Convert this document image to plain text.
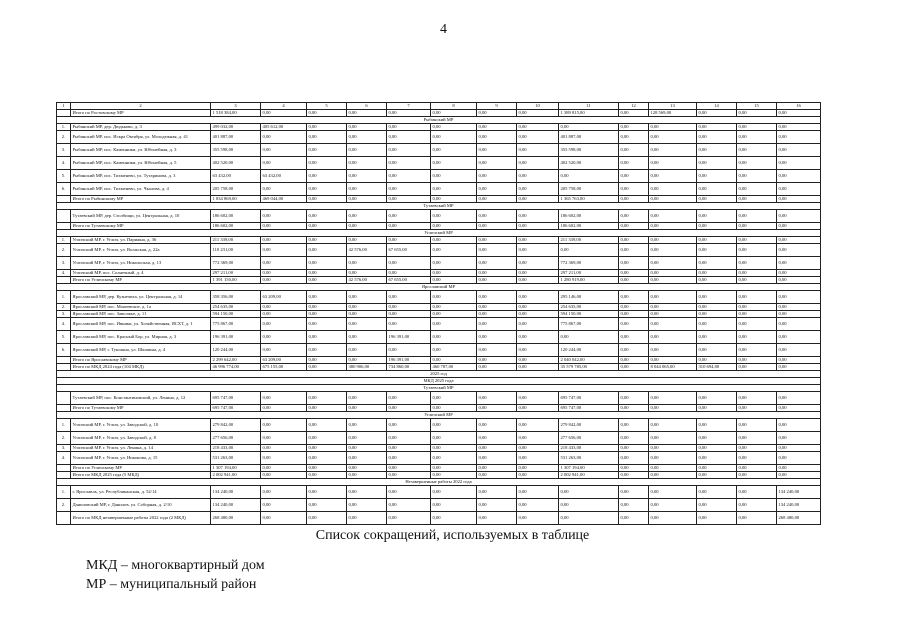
4
1	2	3	4	5	6	7	8	9	10	11	12	13	14	15	16
	Итого по Ростовскому МР	1 518 384,00	0,00	0,00	0,00	0,00	0,00	0,00	0,00	1 389 815,00	0,00	128 569,00	0,00	0,00	0,00
Рыбинский МР															
1.	Рыбинский МР, дер. Дюдьково, д. 3	499 032,00	405 612,00	0,00	0,00	0,00	0,00	0,00	0,00	0,00	0,00	0,00	0,00	0,00	0,00
2.	Рыбинский МР, пос. Искра Октября, ул. Молодежная, д. 41	401 887,00	0,00	0,00	0,00	0,00	0,00	0,00	0,00	401 887,00	0,00	0,00	0,00	0,00	0,00
3.	Рыбинский МР, пос. Каменники, ул. Юбилейная, д. 3	355 598,00	0,00	0,00	0,00	0,00	0,00	0,00	0,00	355 598,00	0,00	0,00	0,00	0,00	0,00
4.	Рыбинский МР, пос. Каменники, ул. Юбилейная, д. 5	402 520,00	0,00	0,00	0,00	0,00	0,00	0,00	0,00	402 520,00	0,00	0,00	0,00	0,00	0,00
5.	Рыбинский МР, пос. Тихменево, ул. Тутаринова, д. 3	63 432,00	63 432,00	0,00	0,00	0,00	0,00	0,00	0,00	0,00	0,00	0,00	0,00	0,00	0,00
6.	Рыбинский МР, пос. Тихменево, ул. Чкалова, д. 4	205 758,00	0,00	0,00	0,00	0,00	0,00	0,00	0,00	205 758,00	0,00	0,00	0,00	0,00	0,00
	Итого по Рыбинскому МР	1 834 869,00	469 044,00	0,00	0,00	0,00	0,00	0,00	0,00	1 365 763,00	0,00	0,00	0,00	0,00	0,00
Тутаевский МР															
	Тутаевский МР, дер. Столбищи, ул. Центральная, д. 10	186 602,00	0,00	0,00	0,00	0,00	0,00	0,00	0,00	186 602,00	0,00	0,00	0,00	0,00	0,00
	Итого по Тутаевскому МР	186 602,00	0,00	0,00	0,00	0,00	0,00	0,00	0,00	186 602,00	0,00	0,00	0,00	0,00	0,00
Угличский МР															
1.	Угличский МР, г. Углич, ул. Парижна, д. 36	211 339,00	0,00	0,00	0,00	0,00	0,00	0,00	0,00	211 339,00	0,00	0,00	0,00	0,00	0,00
2.	Угличский МР, г. Углич, ул. Волжская, д. 22а	110 231,00	0,00	0,00	42 576,00	67 655,00	0,00	0,00	0,00	0,00	0,00	0,00	0,00	0,00	0,00
3.	Угличский МР, г. Углич, ул. Никольская, д. 13	772 369,00	0,00	0,00	0,00	0,00	0,00	0,00	0,00	772 369,00	0,00	0,00	0,00	0,00	0,00
4.	Угличский МР, пос. Солнечный, д. 4	297 211,00	0,00	0,00	0,00	0,00	0,00	0,00	0,00	297 211,00	0,00	0,00	0,00	0,00	0,00
	Итого по Угличскому МР	1 391 150,00	0,00	0,00	42 576,00	67 655,00	0,00	0,00	0,00	1 280 919,00	0,00	0,00	0,00	0,00	0,00
Ярославский МР															
1.	Ярославский МР, дер. Кузнечиха, ул. Центральная, д. 14	358 356,00	63 209,00	0,00	0,00	0,00	0,00	0,00	0,00	295 146,00	0,00	0,00	0,00	0,00	0,00
2.	Ярославский МР, пос. Мокеевское, д. 1а	254 635,00	0,00	0,00	0,00	0,00	0,00	0,00	0,00	254 635,00	0,00	0,00	0,00	0,00	0,00
3.	Ярославский МР, пос. Заволжье, д. 11	594 150,00	0,00	0,00	0,00	0,00	0,00	0,00	0,00	594 150,00	0,00	0,00	0,00	0,00	0,00
4.	Ярославский МР, пос. Ивняки, ул. Хозяйственная, ЯСХТ, д. 1	775 867,00	0,00	0,00	0,00	0,00	0,00	0,00	0,00	775 867,00	0,00	0,00	0,00	0,00	0,00
5.	Ярославский МР, пос. Красный Бор, ул. Мирная, д. 3	196 391,00	0,00	0,00	0,00	196 391,00	0,00	0,00	0,00	0,00	0,00	0,00	0,00	0,00	0,00
6.	Ярославский МР, г. Туношна, ул. Шкапина, д. 4	120 244,00	0,00	0,00	0,00	0,00	0,00	0,00	0,00	120 244,00	0,00	0,00	0,00	0,00	0,00
	Итого по Ярославскому МР	2 299 642,00	63 209,00	0,00	0,00	196 391,00	0,00	0,00	0,00	2 040 042,00	0,00	0,00	0,00	0,00	0,00
	Итого по МКД 2024 года (104 МКД)	46 996 774,00	675 155,00	0,00	380 906,00	734 860,00	460 787,00	0,00	0,00	35 579 785,00	0,00	8 044 065,00	310 694,00	0,00	0,00
2025 год															
МКД 2025 года															
Тутаевский МР															
	Тутаевский МР, пос. Константиновский, ул. Ленина, д. 12	695 747,00	0,00	0,00	0,00	0,00	0,00	0,00	0,00	695 747,00	0,00	0,00	0,00	0,00	0,00
	Итого по Тутаевскому МР	695 747,00	0,00	0,00	0,00	0,00	0,00	0,00	0,00	695 747,00	0,00	0,00	0,00	0,00	0,00
Угличский МР															
1.	Угличский МР, г. Углич, ул. Заводской, д. 10	279 842,00	0,00	0,00	0,00	0,00	0,00	0,00	0,00	279 842,00	0,00	0,00	0,00	0,00	0,00
2.	Угличский МР, г. Углич, ул. Заводской, д. 8	277 656,00	0,00	0,00	0,00	0,00	0,00	0,00	0,00	277 656,00	0,00	0,00	0,00	0,00	0,00
3.	Угличский МР, г. Углич, ул. Ленина, д. 14	218 433,00	0,00	0,00	0,00	0,00	0,00	0,00	0,00	218 433,00	0,00	0,00	0,00	0,00	0,00
4.	Угличский МР, г. Углич, ул. Никонова, д. 15	531 263,00	0,00	0,00	0,00	0,00	0,00	0,00	0,00	531 263,00	0,00	0,00	0,00	0,00	0,00
	Итого по Угличскому МР	1 307 194,00	0,00	0,00	0,00	0,00	0,00	0,00	0,00	1 307 194,00	0,00	0,00	0,00	0,00	0,00
	Итого по МКД 2025 года (5 МКД)	2 002 941,00	0,00	0,00	0,00	0,00	0,00	0,00	0,00	2 002 941,00	0,00	0,00	0,00	0,00	0,00
Незавершенные работы 2022 года															
1.	г. Ярославль, ул. Республиканская, д. 52/14	134 240,00	0,00	0,00	0,00	0,00	0,00	0,00	0,00	0,00	0,00	0,00	0,00	0,00	134 240,00
2.	Даниловский МР, г. Данилов, ул. Соборная, д. 2/10	134 240,00	0,00	0,00	0,00	0,00	0,00	0,00	0,00	0,00	0,00	0,00	0,00	0,00	134 240,00
	Итого по МКД незавершенные работы 2022 года (2 МКД)	268 480,00	0,00	0,00	0,00	0,00	0,00	0,00	0,00	0,00	0,00	0,00	0,00	0,00	268 480,00
Список сокращений, используемых в таблице
МКД – многоквартирный дом
МР – муниципальный район
